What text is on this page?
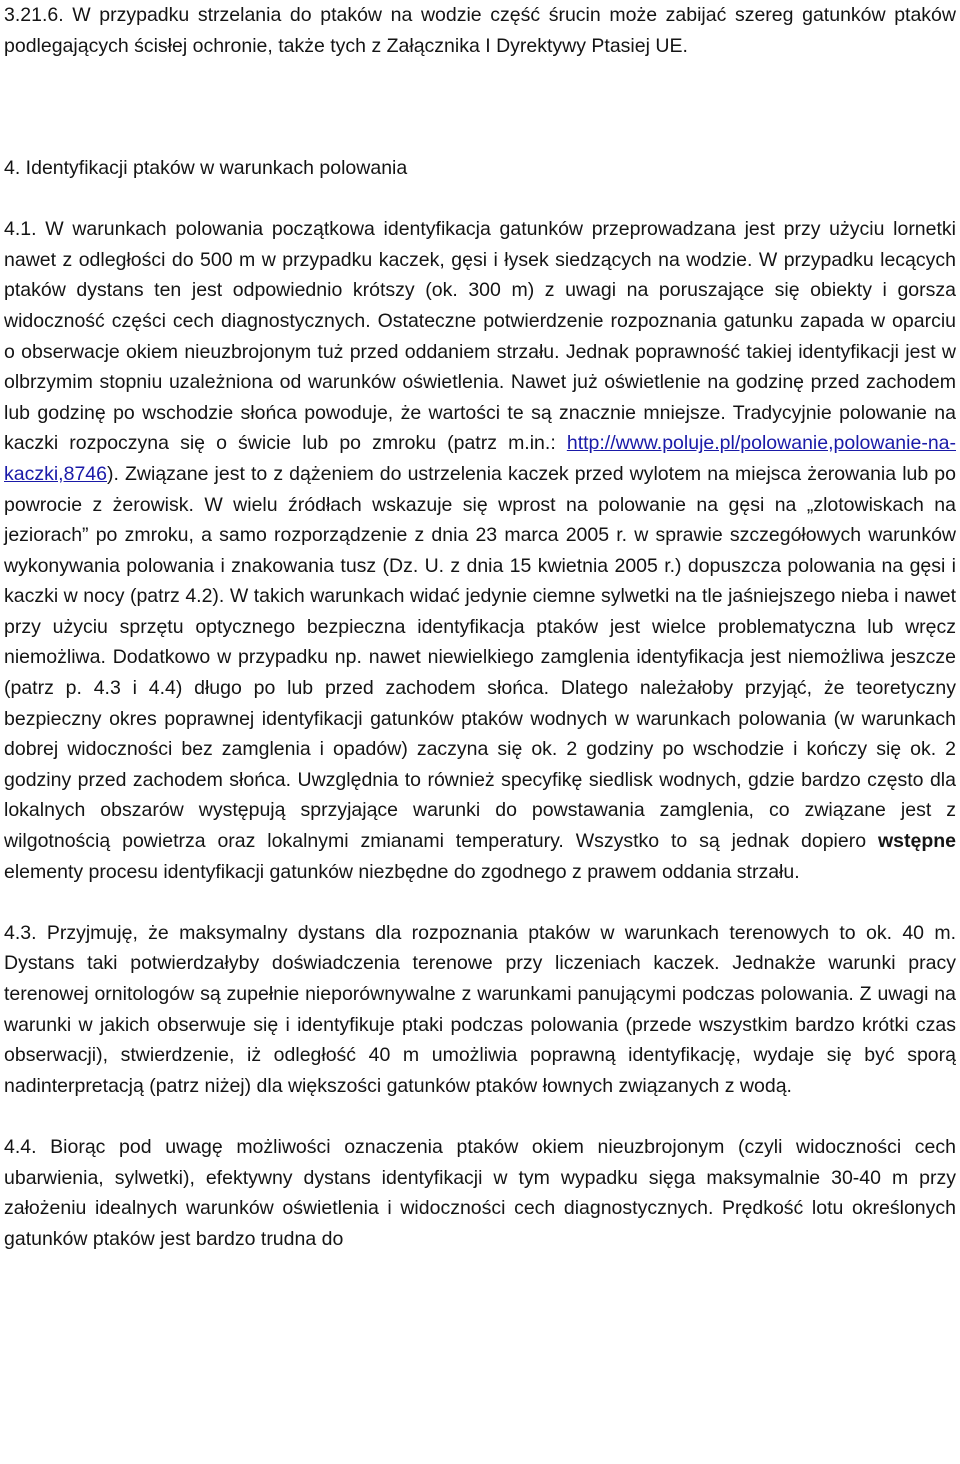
3.21.6. W przypadku strzelania do ptaków na wodzie część śrucin może zabijać szereg gatunków ptaków podlegających ścisłej ochronie, także tych z Załącznika I Dyrektywy Ptasiej UE.

4. Identyfikacji ptaków w warunkach polowania

4.1. W warunkach polowania początkowa identyfikacja gatunków przeprowadzana jest przy użyciu lornetki nawet z odległości do 500 m w przypadku kaczek, gęsi i łysek siedzących na wodzie. W przypadku lecących ptaków dystans ten jest odpowiednio krótszy (ok. 300 m) z uwagi na poruszające się obiekty i gorsza widoczność części cech diagnostycznych. Ostateczne potwierdzenie rozpoznania gatunku zapada w oparciu o obserwacje okiem nieuzbrojonym tuż przed oddaniem strzału. Jednak poprawność takiej identyfikacji jest w olbrzymim stopniu uzależniona od warunków oświetlenia. Nawet już oświetlenie na godzinę przed zachodem lub godzinę po wschodzie słońca powoduje, że wartości te są znacznie mniejsze. Tradycyjnie polowanie na kaczki rozpoczyna się o świcie lub po zmroku (patrz m.in.: http://www.poluje.pl/polowanie,polowanie-na-kaczki,8746). Związane jest to z dążeniem do ustrzelenia kaczek przed wylotem na miejsca żerowania lub po powrocie z żerowisk. W wielu źródłach wskazuje się wprost na polowanie na gęsi na „zlotowiskach na jeziorach” po zmroku, a samo rozporządzenie z dnia 23 marca 2005 r. w sprawie szczegółowych warunków wykonywania polowania i znakowania tusz (Dz. U. z dnia 15 kwietnia 2005 r.) dopuszcza polowania na gęsi i kaczki w nocy (patrz 4.2). W takich warunkach widać jedynie ciemne sylwetki na tle jaśniejszego nieba i nawet przy użyciu sprzętu optycznego bezpieczna identyfikacja ptaków jest wielce problematyczna lub wręcz niemożliwa. Dodatkowo w przypadku np. nawet niewielkiego zamglenia identyfikacja jest niemożliwa jeszcze (patrz p. 4.3 i 4.4) długo po lub przed zachodem słońca. Dlatego należałoby przyjąć, że teoretyczny bezpieczny okres poprawnej identyfikacji gatunków ptaków wodnych w warunkach polowania (w warunkach dobrej widoczności bez zamglenia i opadów) zaczyna się ok. 2 godziny po wschodzie i kończy się ok. 2 godziny przed zachodem słońca. Uwzględnia to również specyfikę siedlisk wodnych, gdzie bardzo często dla lokalnych obszarów występują sprzyjające warunki do powstawania zamglenia, co związane jest z wilgotnością powietrza oraz lokalnymi zmianami temperatury. Wszystko to są jednak dopiero wstępne elementy procesu identyfikacji gatunków niezbędne do zgodnego z prawem oddania strzału.

4.3. Przyjmuję, że maksymalny dystans dla rozpoznania ptaków w warunkach terenowych to ok. 40 m. Dystans taki potwierdzałyby doświadczenia terenowe przy liczeniach kaczek. Jednakże warunki pracy terenowej ornitologów są zupełnie nieporównywalne z warunkami panującymi podczas polowania. Z uwagi na warunki w jakich obserwuje się i identyfikuje ptaki podczas polowania (przede wszystkim bardzo krótki czas obserwacji), stwierdzenie, iż odległość 40 m umożliwia poprawną identyfikację, wydaje się być sporą nadinterpretacją (patrz niżej) dla większości gatunków ptaków łownych związanych z wodą.

4.4. Biorąc pod uwagę możliwości oznaczenia ptaków okiem nieuzbrojonym (czyli widoczności cech ubarwienia, sylwetki), efektywny dystans identyfikacji w tym wypadku sięga maksymalnie 30-40 m przy założeniu idealnych warunków oświetlenia i widoczności cech diagnostycznych. Prędkość lotu określonych gatunków ptaków jest bardzo trudna do
